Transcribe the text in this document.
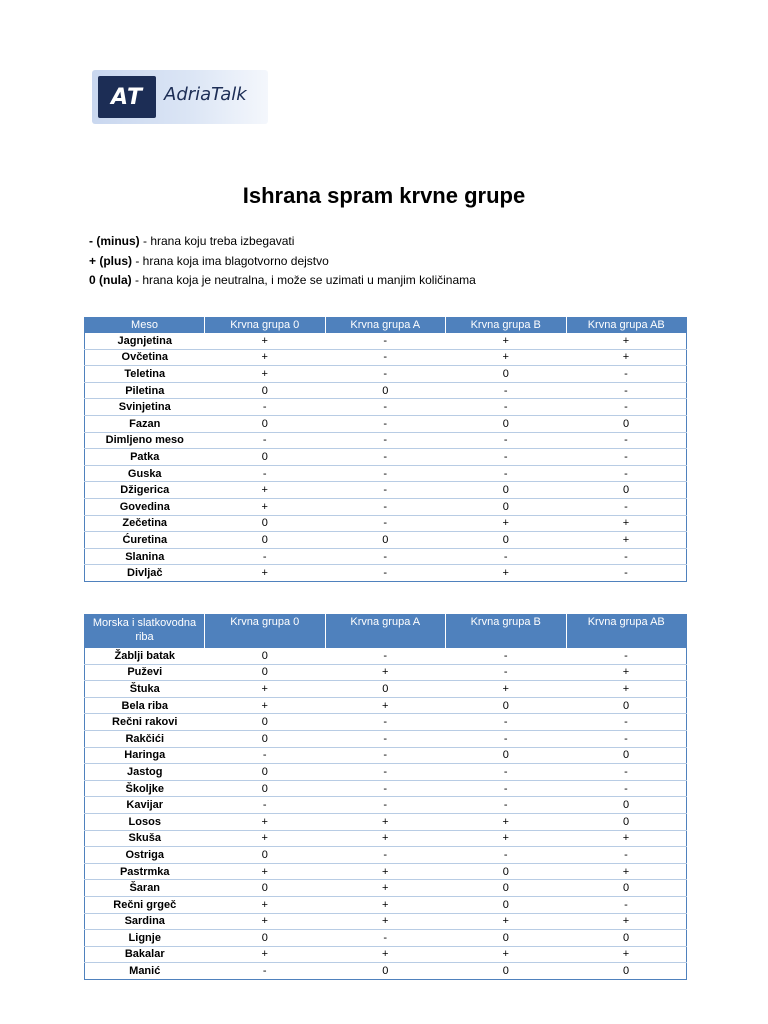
AT AdriaTalk
Ishrana spram krvne grupe
- (minus) - hrana koju treba izbegavati
+ (plus) - hrana koja ima blagotvorno dejstvo
0 (nula) - hrana koja je neutralna, i može se uzimati u manjim količinama
Meso	Krvna grupa 0	Krvna grupa A	Krvna grupa B	Krvna grupa AB
Jagnjetina	+	-	+	+
Ovčetina	+	-	+	+
Teletina	+	-	0	-
Piletina	0	0	-	-
Svinjetina	-	-	-	-
Fazan	0	-	0	0
Dimljeno meso	-	-	-	-
Patka	0	-	-	-
Guska	-	-	-	-
Džigerica	+	-	0	0
Govedina	+	-	0	-
Zečetina	0	-	+	+
Ćuretina	0	0	0	+
Slanina	-	-	-	-
Divljač	+	-	+	-
Morska i slatkovodna riba	Krvna grupa 0	Krvna grupa A	Krvna grupa B	Krvna grupa AB
Žablji batak	0	-	-	-
Puževi	0	+	-	+
Štuka	+	0	+	+
Bela riba	+	+	0	0
Rečni rakovi	0	-	-	-
Rakčići	0	-	-	-
Haringa	-	-	0	0
Jastog	0	-	-	-
Školjke	0	-	-	-
Kavijar	-	-	-	0
Losos	+	+	+	0
Skuša	+	+	+	+
Ostriga	0	-	-	-
Pastrmka	+	+	0	+
Šaran	0	+	0	0
Rečni grgeč	+	+	0	-
Sardina	+	+	+	+
Lignje	0	-	0	0
Bakalar	+	+	+	+
Manić	-	0	0	0
